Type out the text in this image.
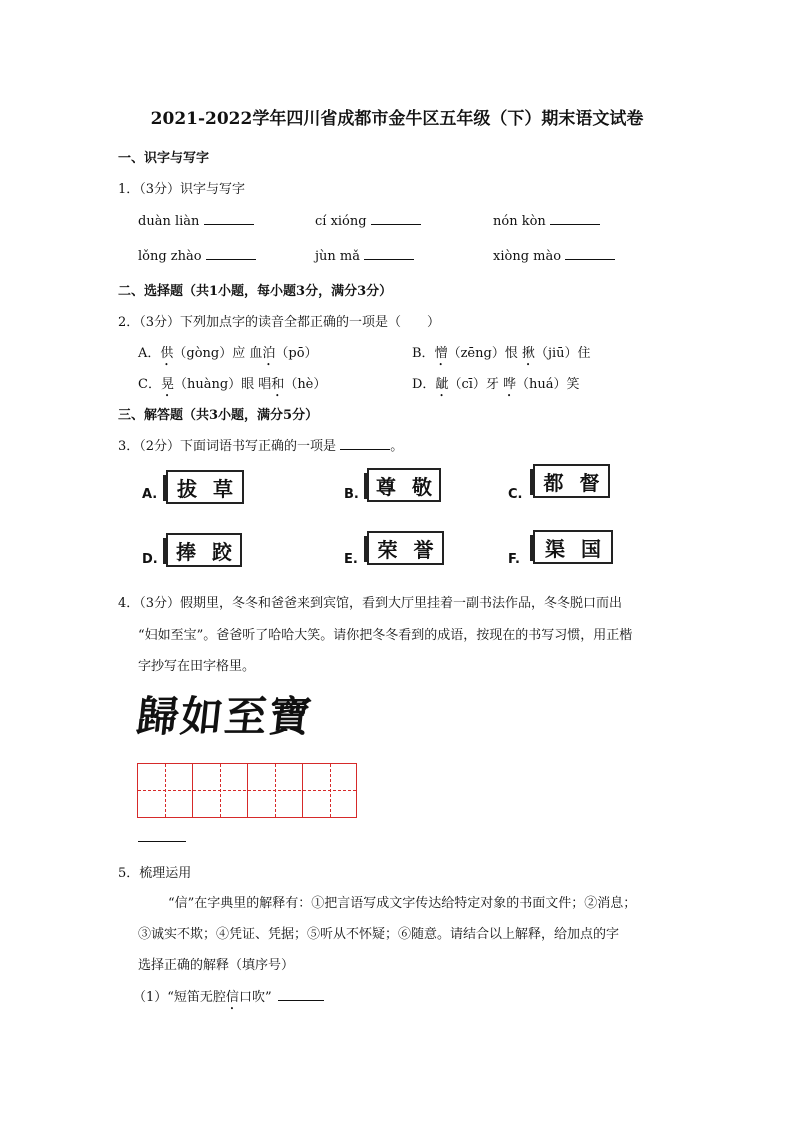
2021-2022学年四川省成都市金牛区五年级（下）期末语文试卷
一、识字与写字
1．（3分）识字与写字
duàn liàn	cí xióng	nón kòn
lǒng zhào	jùn mǎ	xiòng mào
二、选择题（共1小题，每小题3分，满分3分）
2．（3分）下列加点字的读音全都正确的一项是（　　）
A．供（gòng）应 血泊（pō）	B．憎（zēng）恨 揪（jiū）住
C．晃（huàng）眼 唱和（hè）	D．龇（cī）牙 哗（huá）笑
三、解答题（共3小题，满分5分）
3．（2分）下面词语书写正确的一项是	。
A. 拔 草	B. 尊 敬	C. 都 督
D. 捧 跤	E. 荣 誉	F. 渠 国
4．（3分）假期里，冬冬和爸爸来到宾馆，看到大厅里挂着一副书法作品，冬冬脱口而出
“妇如至宝”。爸爸听了哈哈大笑。请你把冬冬看到的成语，按现在的书写习惯，用正楷
字抄写在田字格里。
歸如至寶
5．梳理运用
“信”在字典里的解释有：①把言语写成文字传达给特定对象的书面文件；②消息；
③诚实不欺；④凭证、凭据；⑤听从不怀疑；⑥随意。请结合以上解释，给加点的字
选择正确的解释（填序号）
（1）“短笛无腔信口吹”
